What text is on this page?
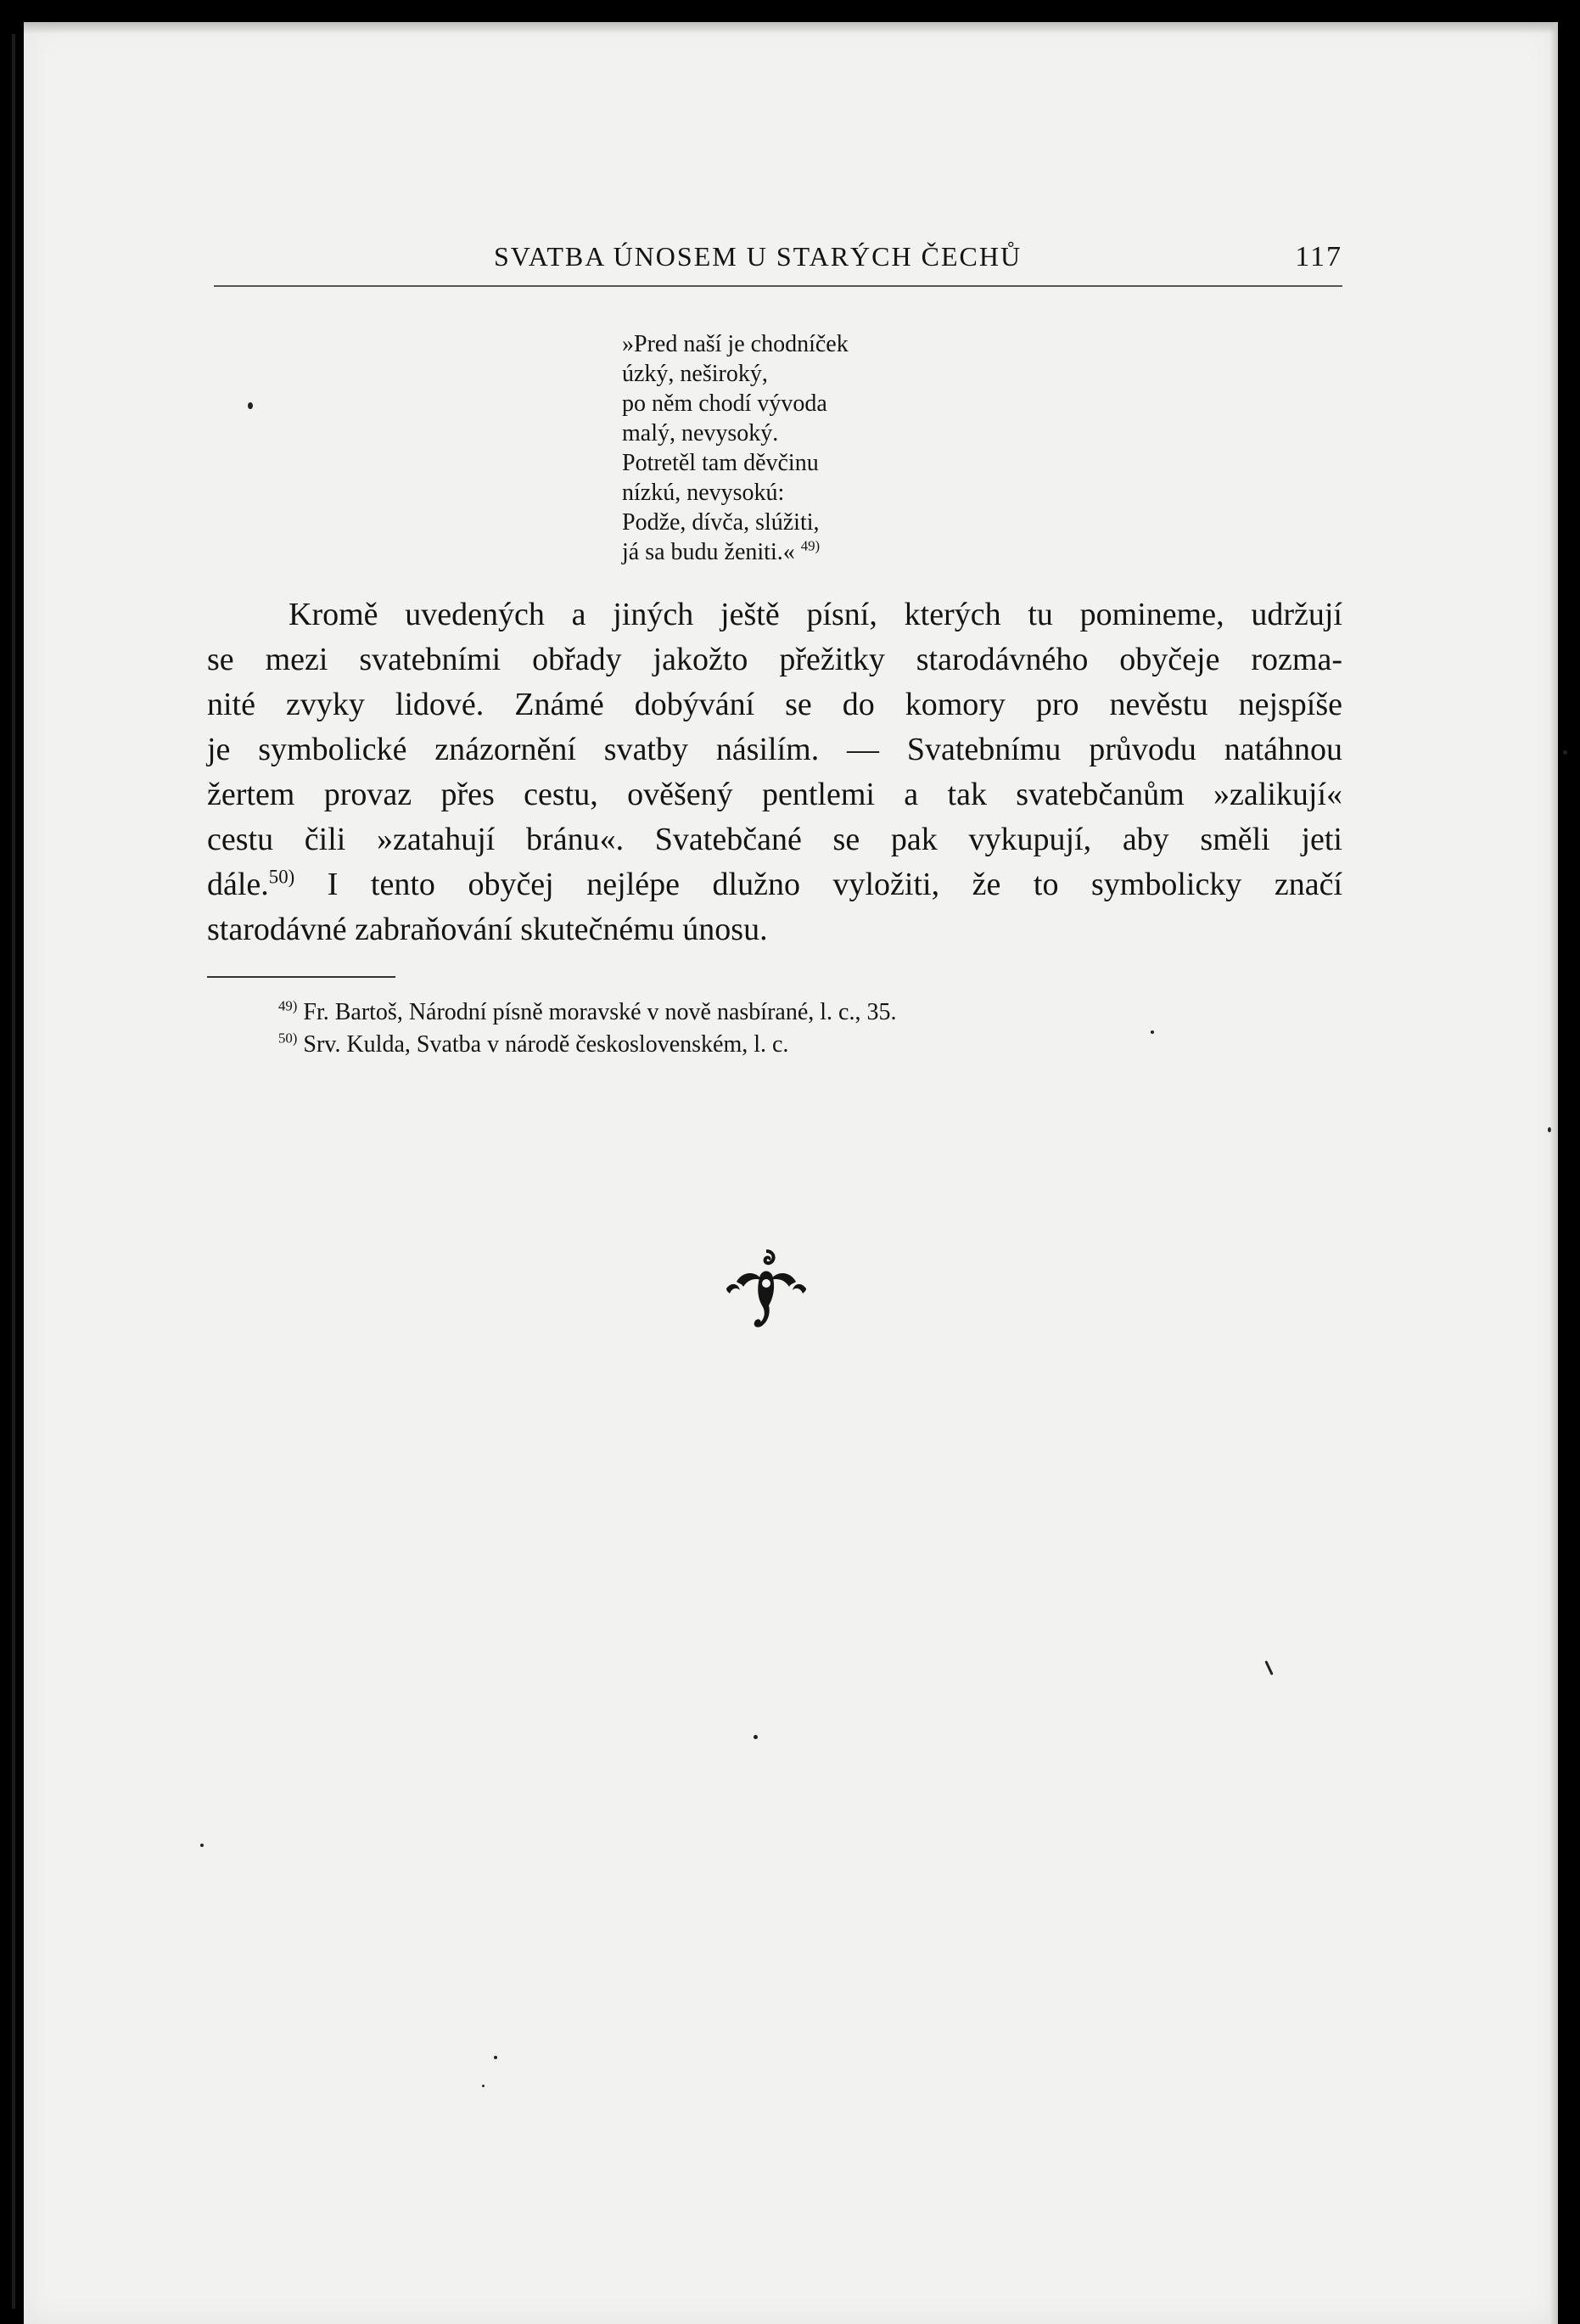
SVATBA ÚNOSEM U STARÝCH ČECHŮ	117
»Pred naší je chodníček
úzký, neširoký,
po něm chodí vývoda
malý, nevysoký.
Potretěl tam děvčinu
nízkú, nevysokú:
Podže, dívča, slúžiti,
já sa budu ženiti.« $^{49)}$
Kromě uvedených a jiných ještě písní, kterých tu pomineme, udržují
se mezi svatebními obřady jakožto přežitky starodávného obyčeje rozma-
nité zvyky lidové. Známé dobývání se do komory pro nevěstu nejspíše
je symbolické znázornění svatby násilím. — Svatebnímu průvodu natáhnou
žertem provaz přes cestu, ověšený pentlemi a tak svatebčanům »zalikují«
cestu čili »zatahují bránu«. Svatebčané se pak vykupují, aby směli jeti
dále.$^{50)}$ I tento obyčej nejlépe dlužno vyložiti, že to symbolicky značí
starodávné zabraňování skutečnému únosu.
$^{49)}$ Fr. Bartoš, Národní písně moravské v nově nasbírané, l. c., 35.
$^{50)}$ Srv. Kulda, Svatba v národě československém, l. c.
